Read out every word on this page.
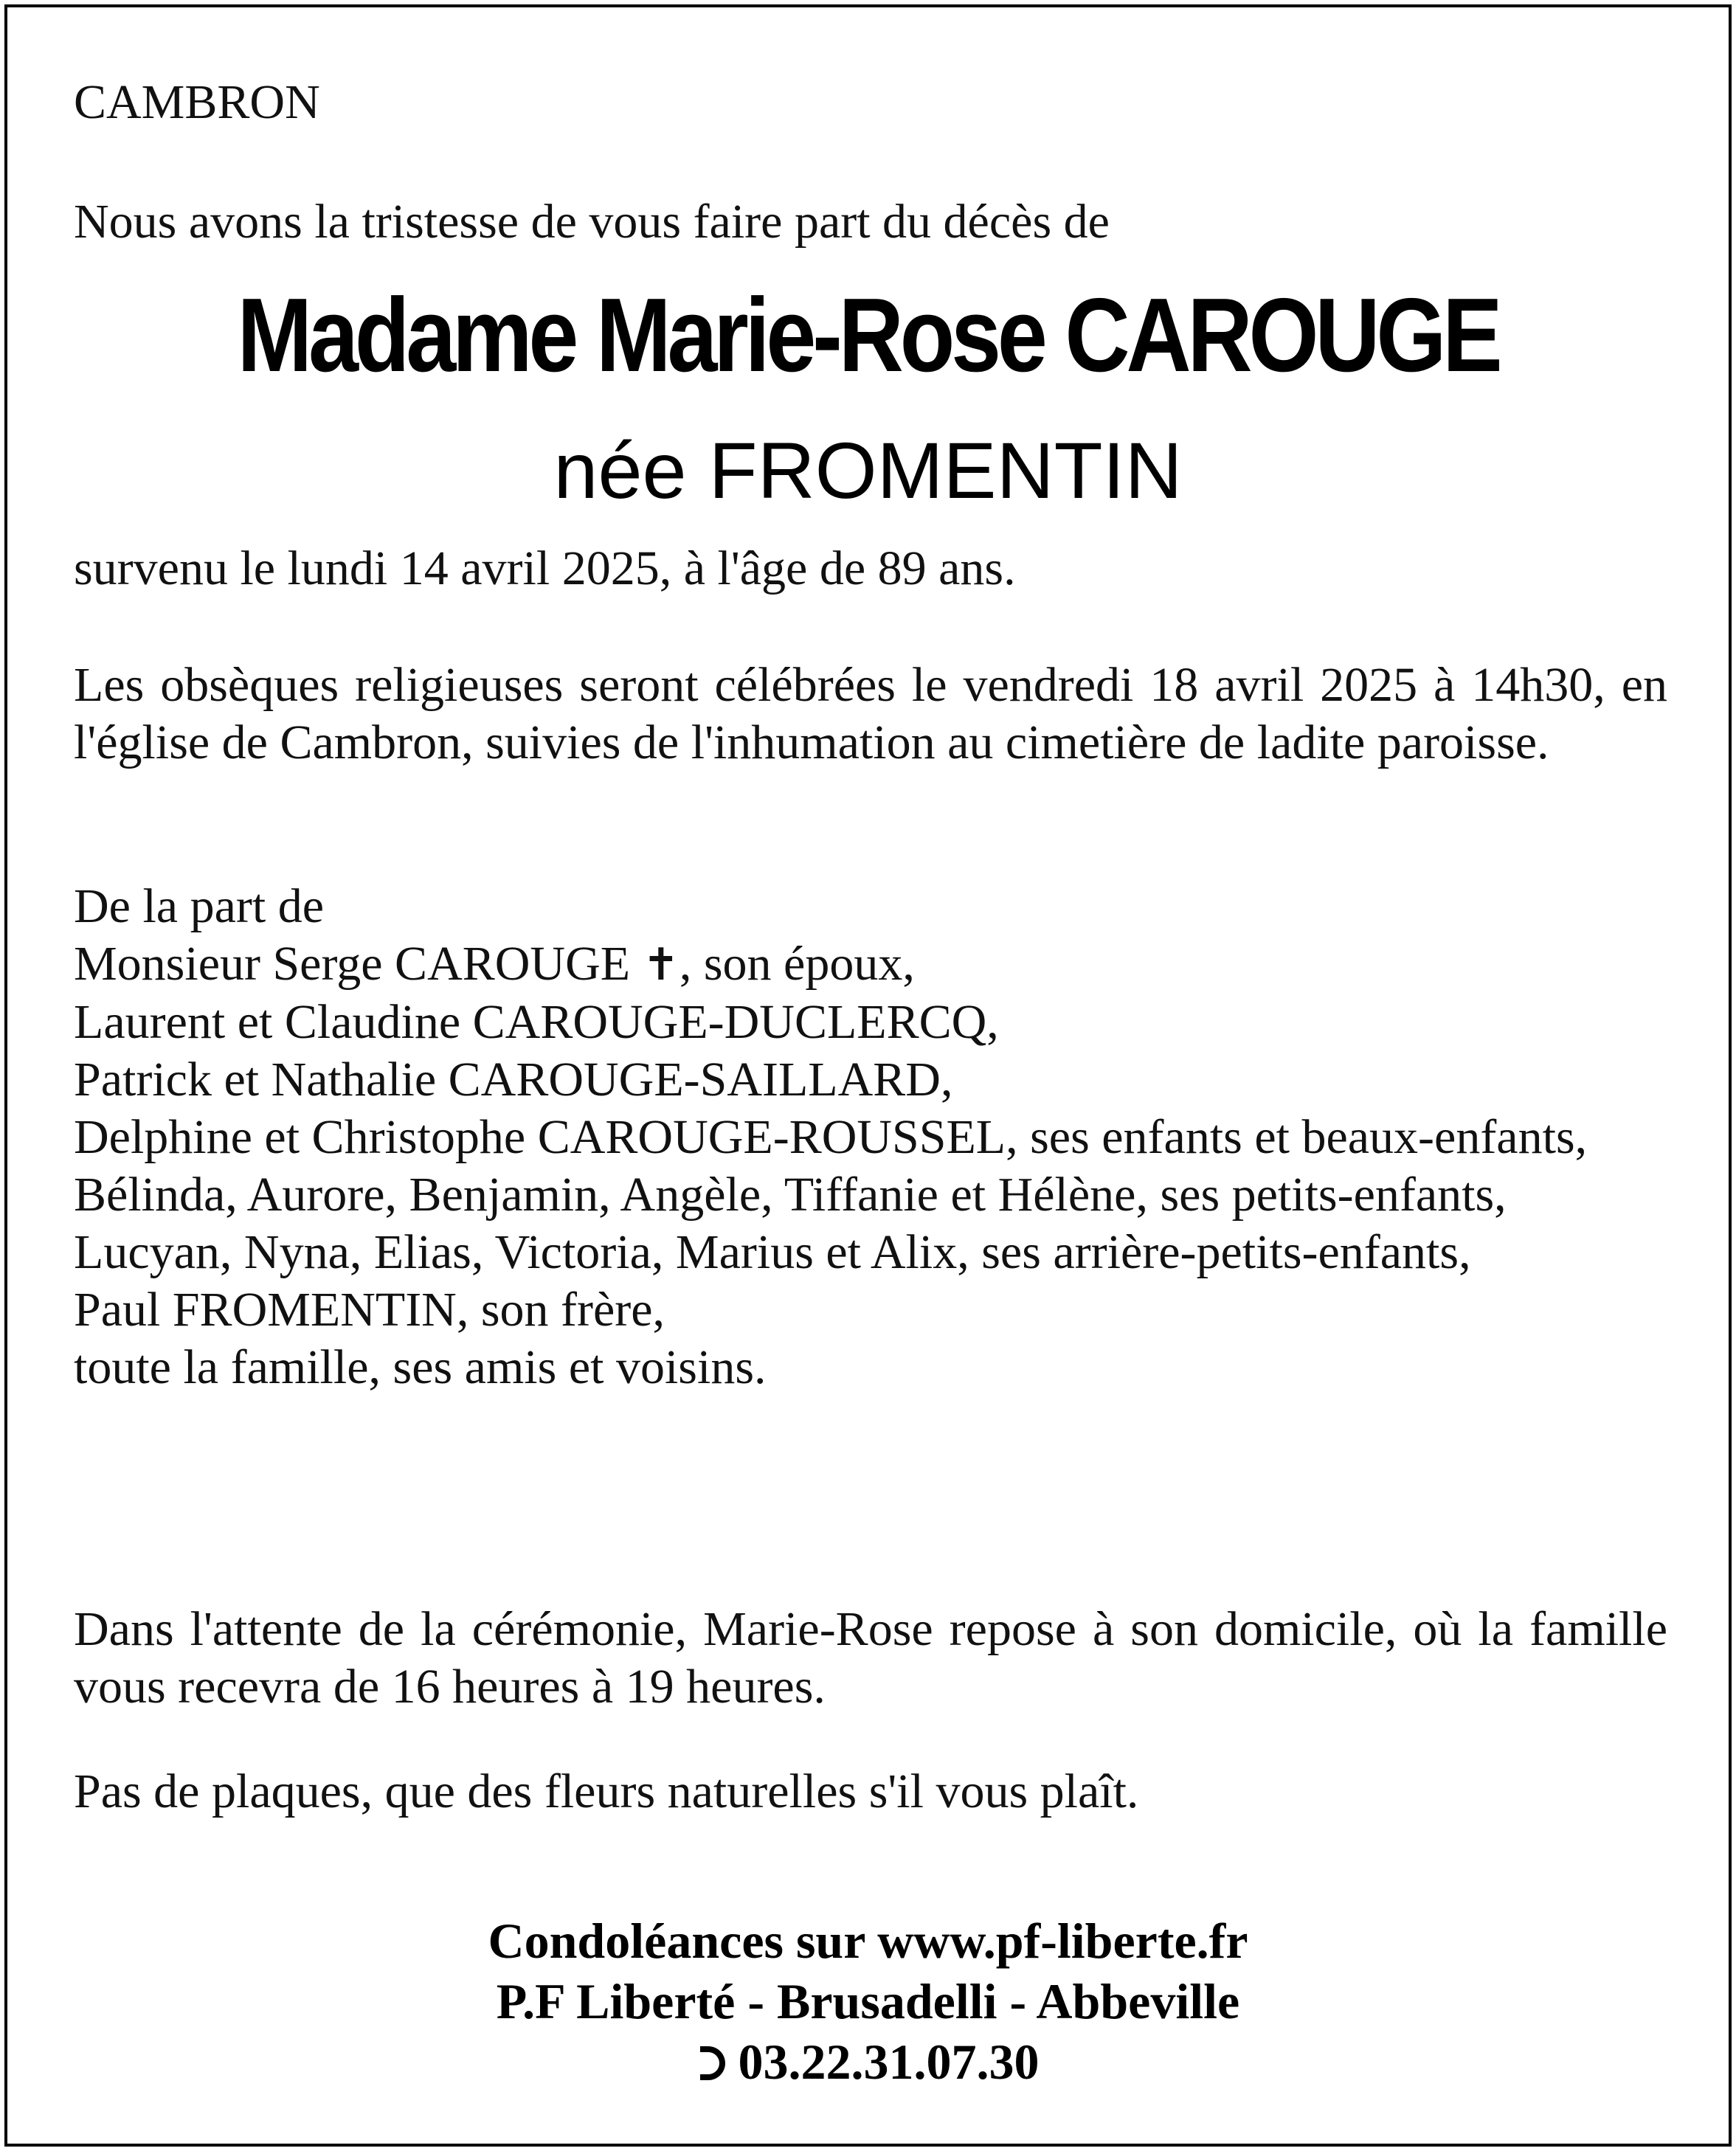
CAMBRON

Nous avons la tristesse de vous faire part du décès de

Madame Marie-Rose CAROUGE

née FROMENTIN

survenu le lundi 14 avril 2025, à l'âge de 89 ans.

Les obsèques religieuses seront célébrées le vendredi 18 avril 2025 à 14h30, en l'église de Cambron, suivies de l'inhumation au cimetière de ladite paroisse.

De la part de
Monsieur Serge CAROUGE ✝, son époux,
Laurent et Claudine CAROUGE-DUCLERCQ,
Patrick et Nathalie CAROUGE-SAILLARD,
Delphine et Christophe CAROUGE-ROUSSEL, ses enfants et beaux-enfants,
Bélinda, Aurore, Benjamin, Angèle, Tiffanie et Hélène, ses petits-enfants,
Lucyan, Nyna, Elias, Victoria, Marius et Alix, ses arrière-petits-enfants,
Paul FROMENTIN, son frère,
toute la famille, ses amis et voisins.

Dans l'attente de la cérémonie, Marie-Rose repose à son domicile, où la famille vous recevra de 16 heures à 19 heures.

Pas de plaques, que des fleurs naturelles s'il vous plaît.

Condoléances sur www.pf-liberte.fr
P.F Liberté - Brusadelli - Abbeville
03.22.31.07.30
